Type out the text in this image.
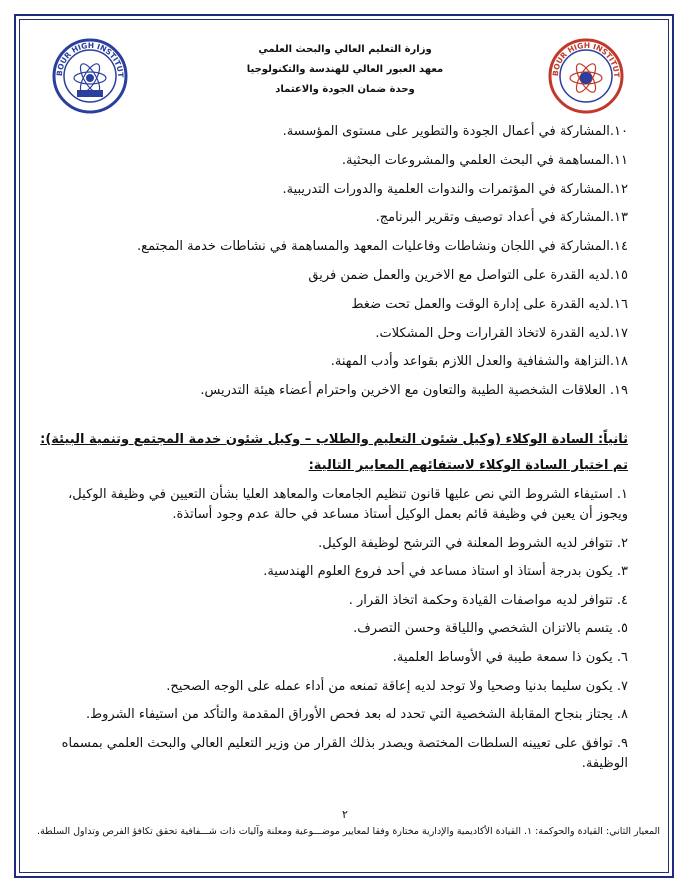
BOUR HIGH INSTITUT	BOUR HIGH INSTITUT
وزارة التعليم العالي والبحث العلمي
معهد العبور العالي للهندسة والتكنولوجيا
وحدة ضمان الجودة والاعتماد
١٠.المشاركة في أعمال الجودة والتطوير على مستوى المؤسسة.
١١.المساهمة في البحث العلمي والمشروعات البحثية.
١٢.المشاركة في المؤتمرات والندوات العلمية والدورات التدريبية.
١٣.المشاركة في أعداد توصيف وتقرير البرنامج.
١٤.المشاركة في اللجان ونشاطات وفاعليات المعهد والمساهمة في نشاطات خدمة المجتمع.
١٥.لديه القدرة على التواصل مع الاخرين والعمل ضمن فريق
١٦.لديه القدرة على إدارة الوقت والعمل تحت ضغط
١٧.لديه القدرة لاتخاذ القرارات وحل المشكلات.
١٨.النزاهة والشفافية والعدل اللازم بقواعد وأدب المهنة.
١٩. العلاقات الشخصية الطيبة والتعاون مع الاخرين واحترام أعضاء هيئة التدريس.
ثانياً: السادة الوكلاء (وكيل شئون التعليم والطلاب – وكيل شئون خدمة المجتمع وتنمية البيئة):
تم اختيار السادة الوكلاء لاستفائهم المعايير التالية:
١. استيفاء الشروط التي نص عليها قانون تنظيم الجامعات والمعاهد العليا بشأن التعيين في وظيفة الوكيل، ويجوز أن يعين في وظيفة قائم بعمل الوكيل أستاذ مساعد في حالة عدم وجود أساتذة.
٢. تتوافر لديه الشروط المعلنة في الترشح لوظيفة الوكيل.
٣. يكون بدرجة أستاذ او استاذ مساعد في أحد فروع العلوم الهندسية.
٤. تتوافر لديه مواصفات القيادة وحكمة اتخاذ القرار .
٥. يتسم بالاتزان الشخصي واللياقة وحسن التصرف.
٦. يكون ذا سمعة طيبة في الأوساط العلمية.
٧. يكون سليما بدنيا وصحيا ولا توجد لديه إعاقة تمنعه من أداء عمله على الوجه الصحيح.
٨. يجتاز بنجاح المقابلة الشخصية التي تحدد له بعد فحص الأوراق المقدمة والتأكد من استيفاء الشروط.
٩. توافق على تعيينه السلطات المختصة ويصدر بذلك القرار من وزير التعليم العالي والبحث العلمي بمسماه الوظيفة.
٢
المعيار الثاني: القيادة والحوكمة: ١. القيادة الأكاديمية والإدارية مختارة وفقا لمعايير موضـــوعية ومعلنة وآليات ذات شـــفافية تحقق تكافؤ الفرص وتداول السلطة.
